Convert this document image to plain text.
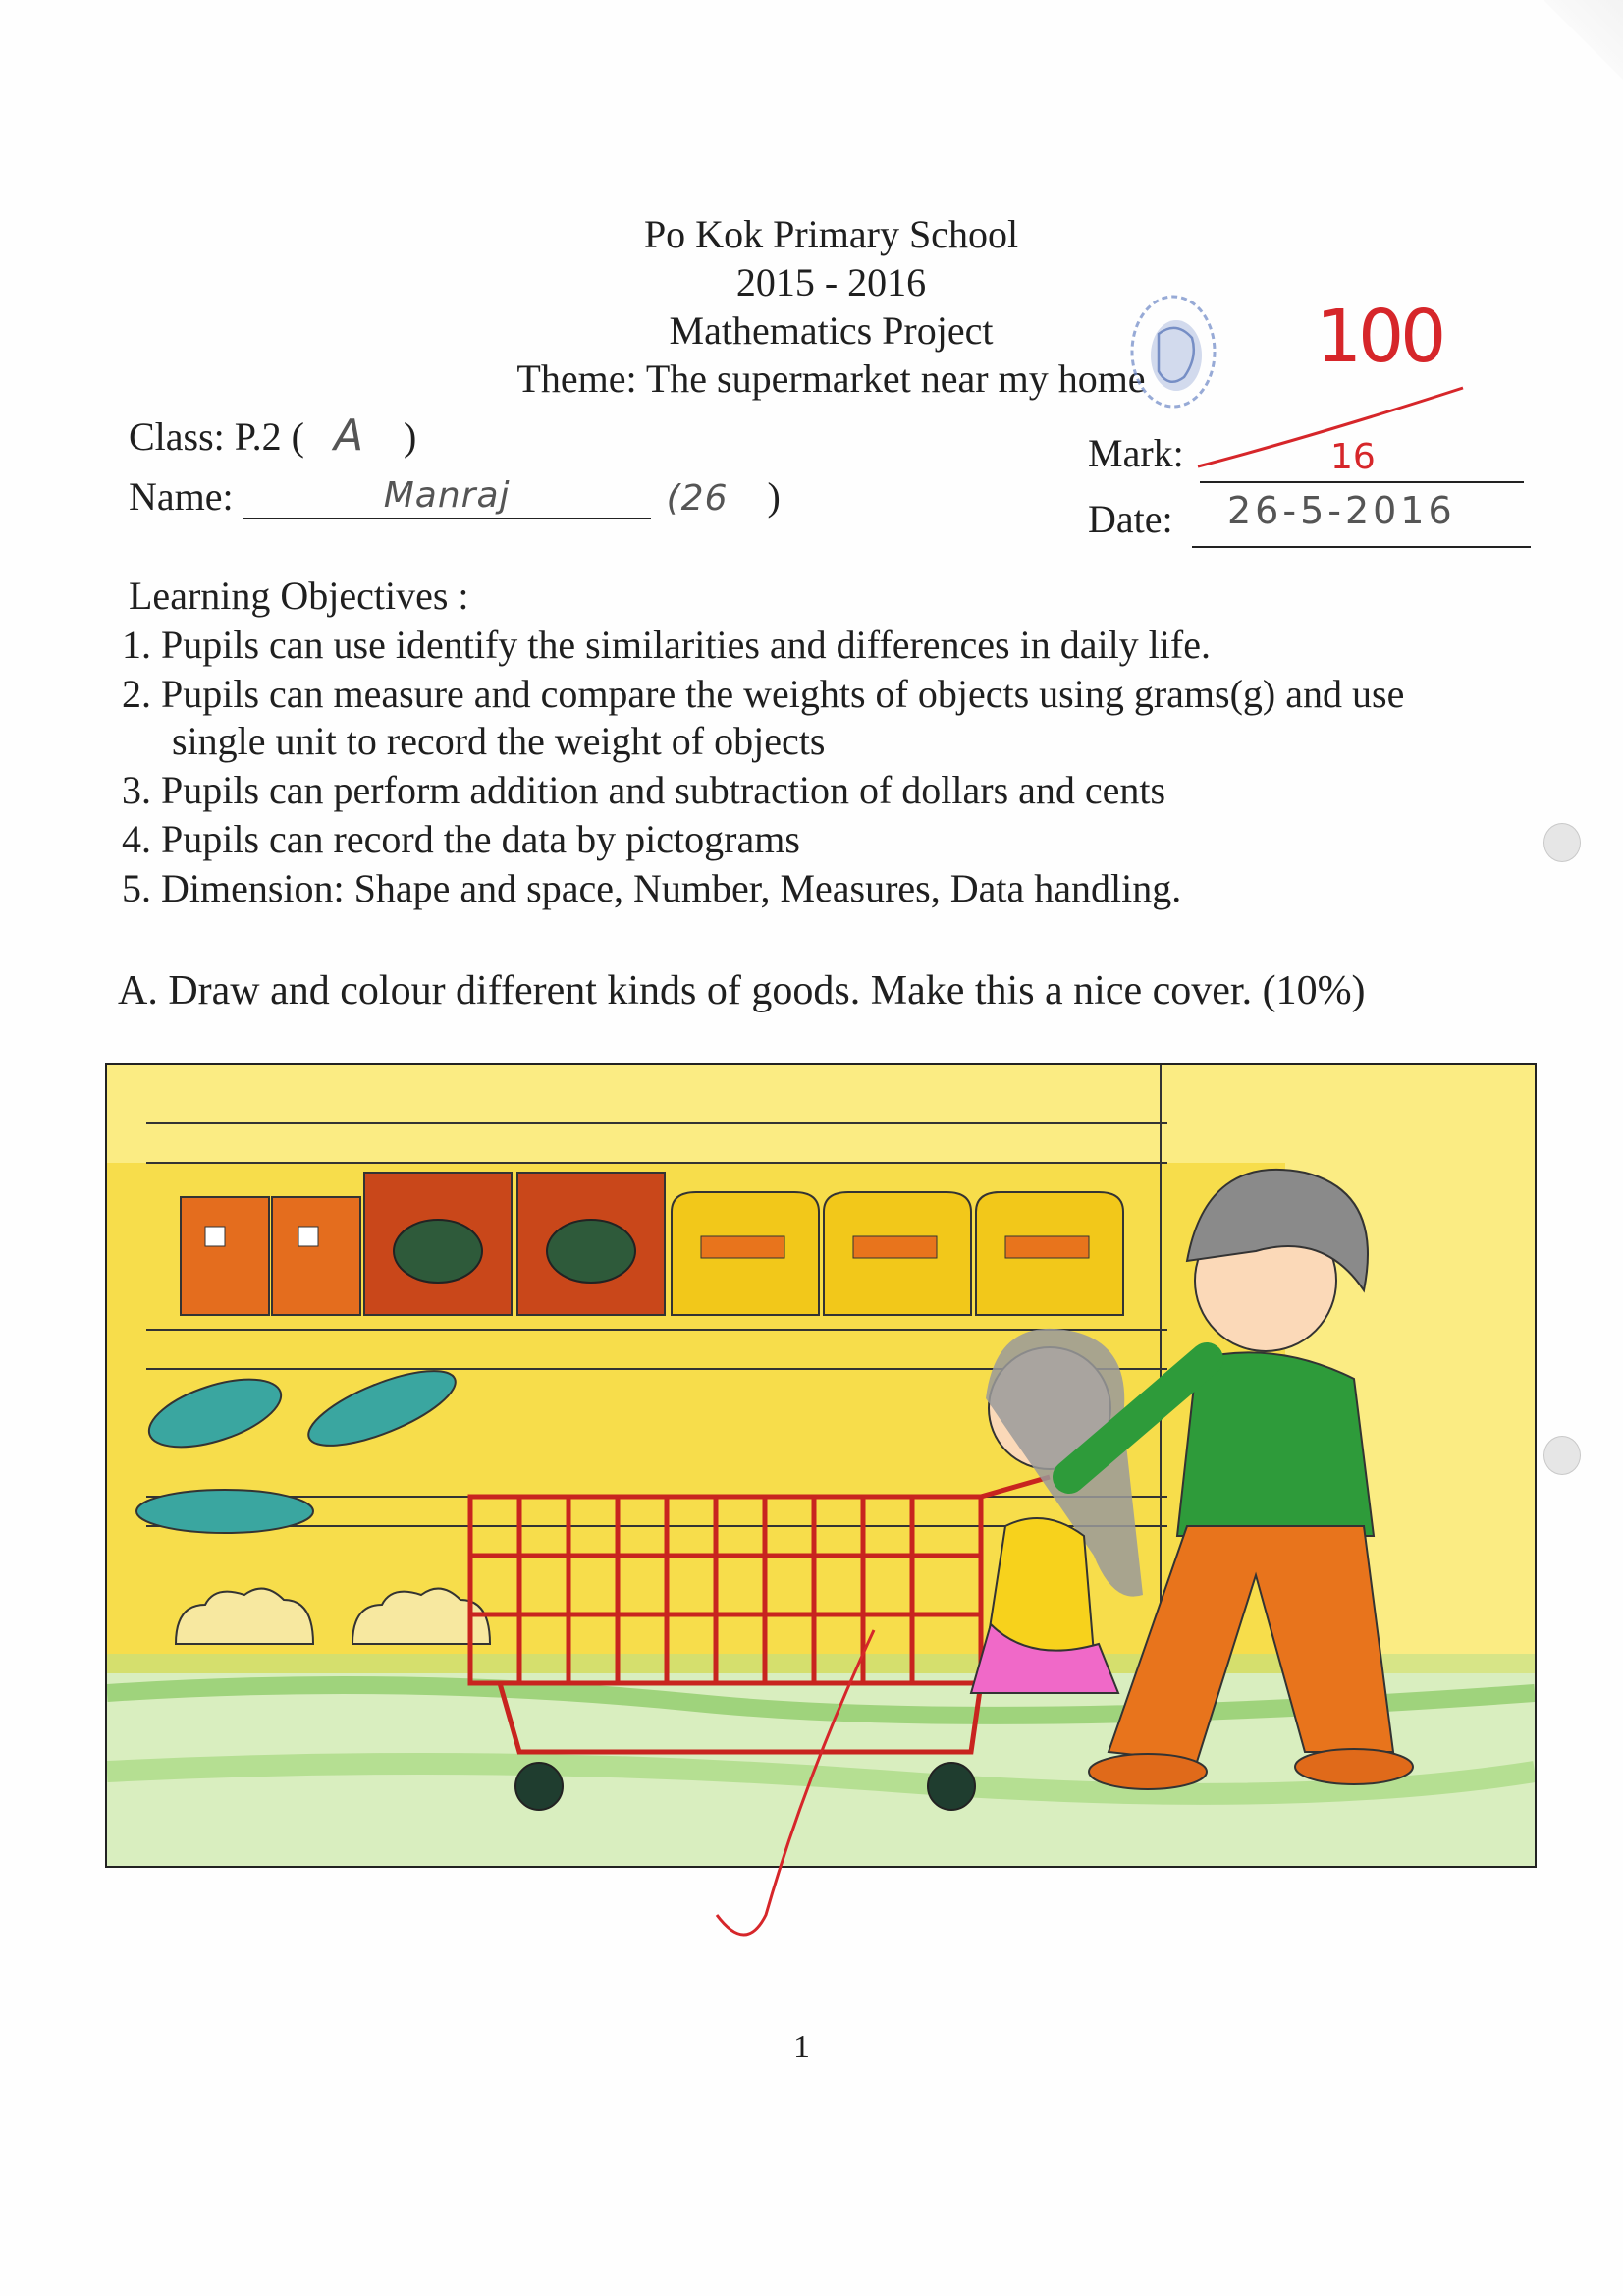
Po Kok Primary School
2015 - 2016
Mathematics Project
Theme: The supermarket near my home	100
Class: P.2 ( A )
Name:	Manraj	(26 )
Mark:	16
Date: 26-5-2016
Learning Objectives :
1. Pupils can use identify the similarities and differences in daily life.
2. Pupils can measure and compare the weights of objects using grams(g) and use
single unit to record the weight of objects
3. Pupils can perform addition and subtraction of dollars and cents
4. Pupils can record the data by pictograms
5. Dimension: Shape and space, Number, Measures, Data handling.
A. Draw and colour different kinds of goods. Make this a nice cover. (10%)
1
